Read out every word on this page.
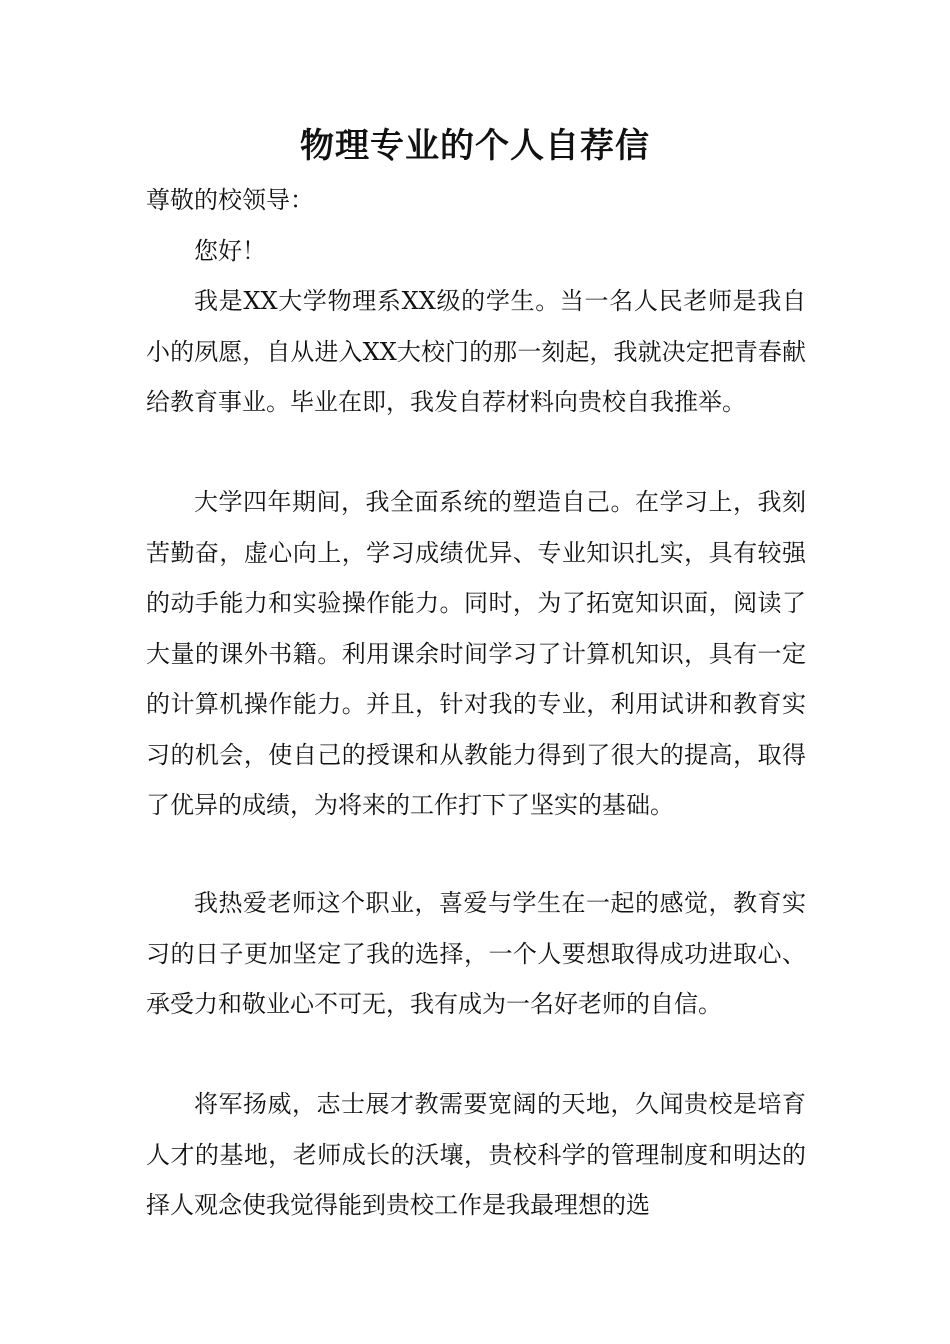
物理专业的个人自荐信

尊敬的校领导：

您好！

我是XX大学物理系XX级的学生。当一名人民老师是我自小的夙愿，自从进入XX大校门的那一刻起，我就决定把青春献给教育事业。毕业在即，我发自荐材料向贵校自我推举。

大学四年期间，我全面系统的塑造自己。在学习上，我刻苦勤奋，虚心向上，学习成绩优异、专业知识扎实，具有较强的动手能力和实验操作能力。同时，为了拓宽知识面，阅读了大量的课外书籍。利用课余时间学习了计算机知识，具有一定的计算机操作能力。并且，针对我的专业，利用试讲和教育实习的机会，使自己的授课和从教能力得到了很大的提高，取得了优异的成绩，为将来的工作打下了坚实的基础。

我热爱老师这个职业，喜爱与学生在一起的感觉，教育实习的日子更加坚定了我的选择，一个人要想取得成功进取心、承受力和敬业心不可无，我有成为一名好老师的自信。

将军扬威，志士展才教需要宽阔的天地，久闻贵校是培育人才的基地，老师成长的沃壤，贵校科学的管理制度和明达的择人观念使我觉得能到贵校工作是我最理想的选
